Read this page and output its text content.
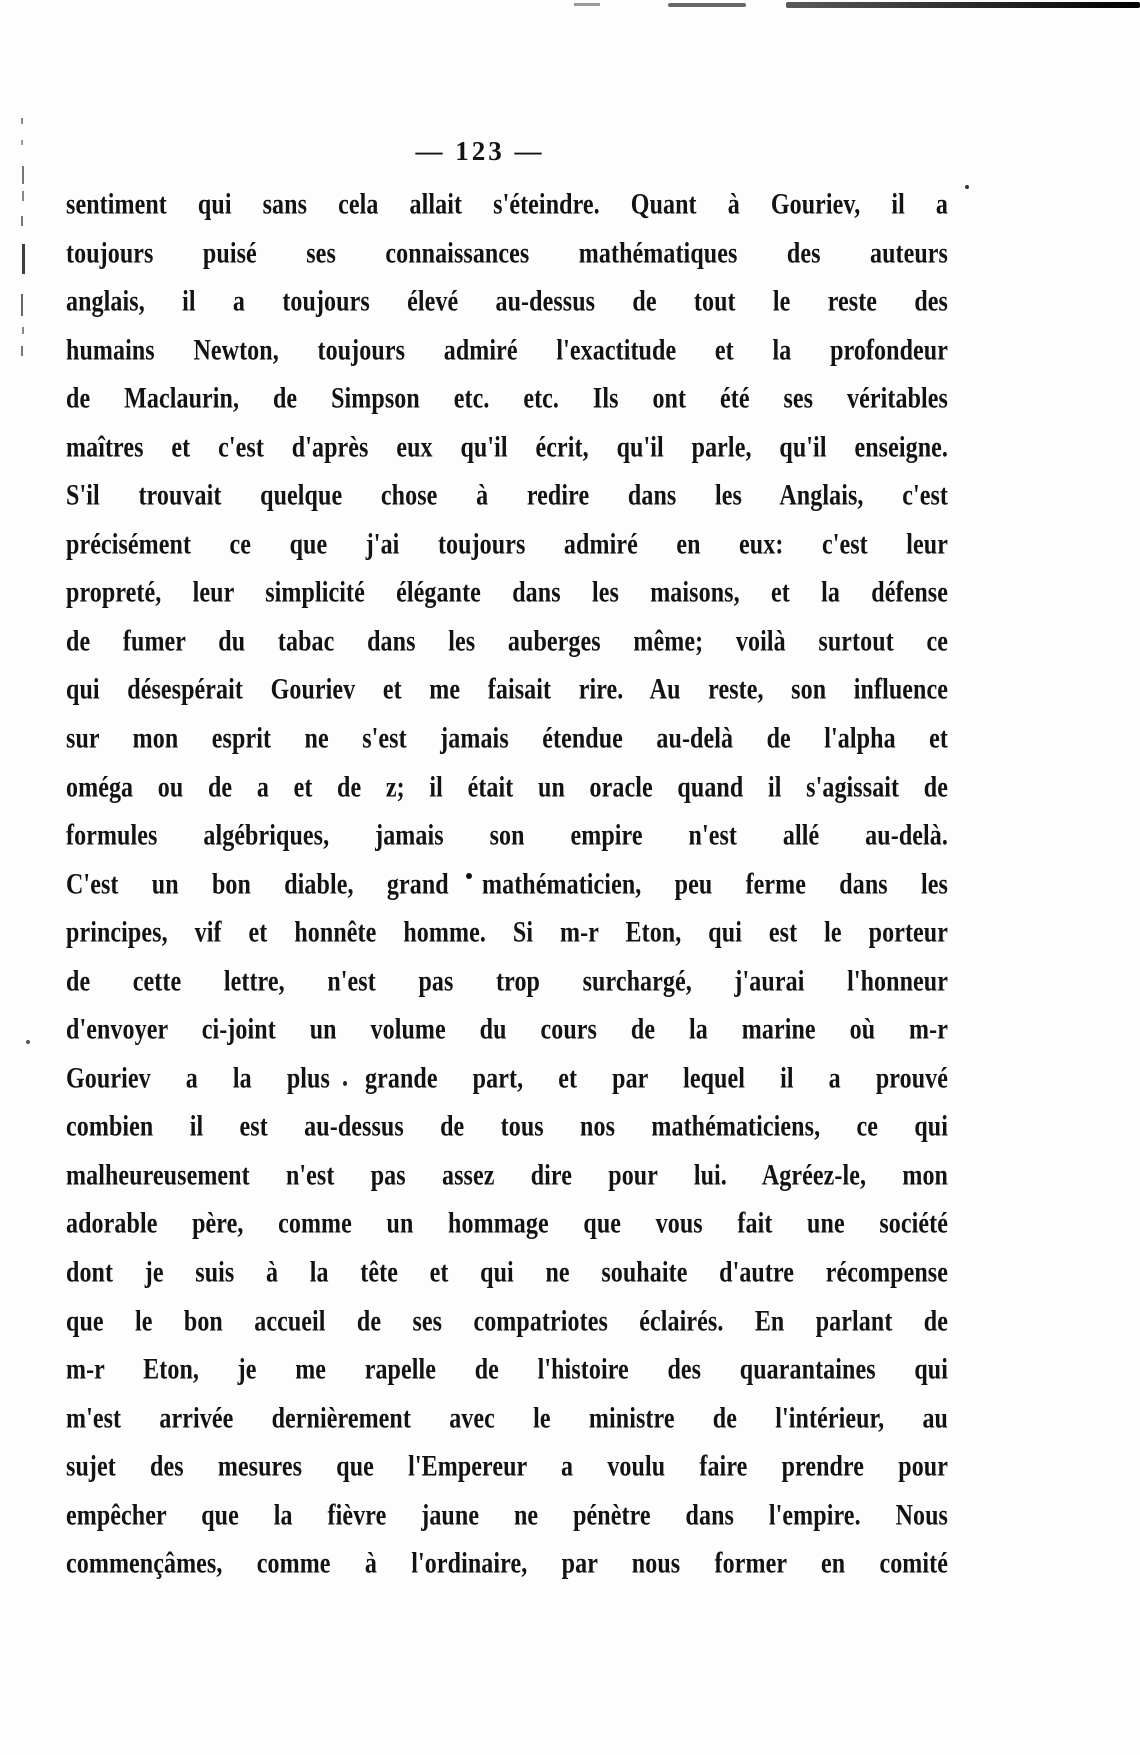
— 123 —
sentiment qui sans cela allait s'éteindre. Quant à Gouriev, il a
toujours puisé ses connaissances mathématiques des auteurs
anglais, il a toujours élevé au-dessus de tout le reste des
humains Newton, toujours admiré l'exactitude et la profondeur
de Maclaurin, de Simpson etc. etc. Ils ont été ses véritables
maîtres et c'est d'après eux qu'il écrit, qu'il parle, qu'il enseigne.
S'il trouvait quelque chose à redire dans les Anglais, c'est
précisément ce que j'ai toujours admiré en eux: c'est leur
propreté, leur simplicité élégante dans les maisons, et la défense
de fumer du tabac dans les auberges même; voilà surtout ce
qui désespérait Gouriev et me faisait rire. Au reste, son influence
sur mon esprit ne s'est jamais étendue au-delà de l'alpha et
oméga ou de a et de z; il était un oracle quand il s'agissait de
formules algébriques, jamais son empire n'est allé au-delà.
C'est un bon diable, grand mathématicien, peu ferme dans les
principes, vif et honnête homme. Si m-r Eton, qui est le porteur
de cette lettre, n'est pas trop surchargé, j'aurai l'honneur
d'envoyer ci-joint un volume du cours de la marine où m-r
Gouriev a la plus grande part, et par lequel il a prouvé
combien il est au-dessus de tous nos mathématiciens, ce qui
malheureusement n'est pas assez dire pour lui. Agréez-le, mon
adorable père, comme un hommage que vous fait une société
dont je suis à la tête et qui ne souhaite d'autre récompense
que le bon accueil de ses compatriotes éclairés. En parlant de
m-r Eton, je me rapelle de l'histoire des quarantaines qui
m'est arrivée dernièrement avec le ministre de l'intérieur, au
sujet des mesures que l'Empereur a voulu faire prendre pour
empêcher que la fièvre jaune ne pénètre dans l'empire. Nous
commençâmes, comme à l'ordinaire, par nous former en comité
